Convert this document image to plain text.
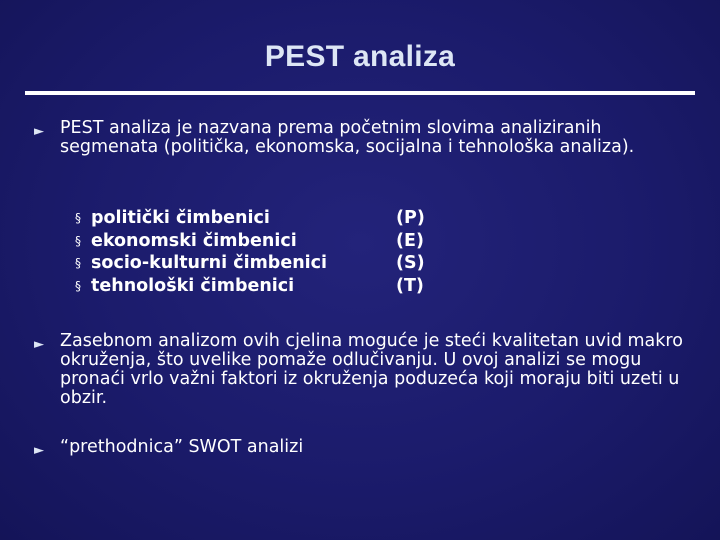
PEST analiza
► PEST analiza je nazvana prema početnim slovima analiziranih segmenata (politička, ekonomska, socijalna i tehnološka analiza).
§ politički čimbenici	(P)
§ ekonomski čimbenici	(E)
§ socio-kulturni čimbenici	(S)
§ tehnološki čimbenici	(T)
► Zasebnom analizom ovih cjelina moguće je steći kvalitetan uvid makro okruženja, što uvelike pomaže odlučivanju. U ovoj analizi se mogu pronaći vrlo važni faktori iz okruženja poduzeća koji moraju biti uzeti u obzir.
► “prethodnica” SWOT analizi
